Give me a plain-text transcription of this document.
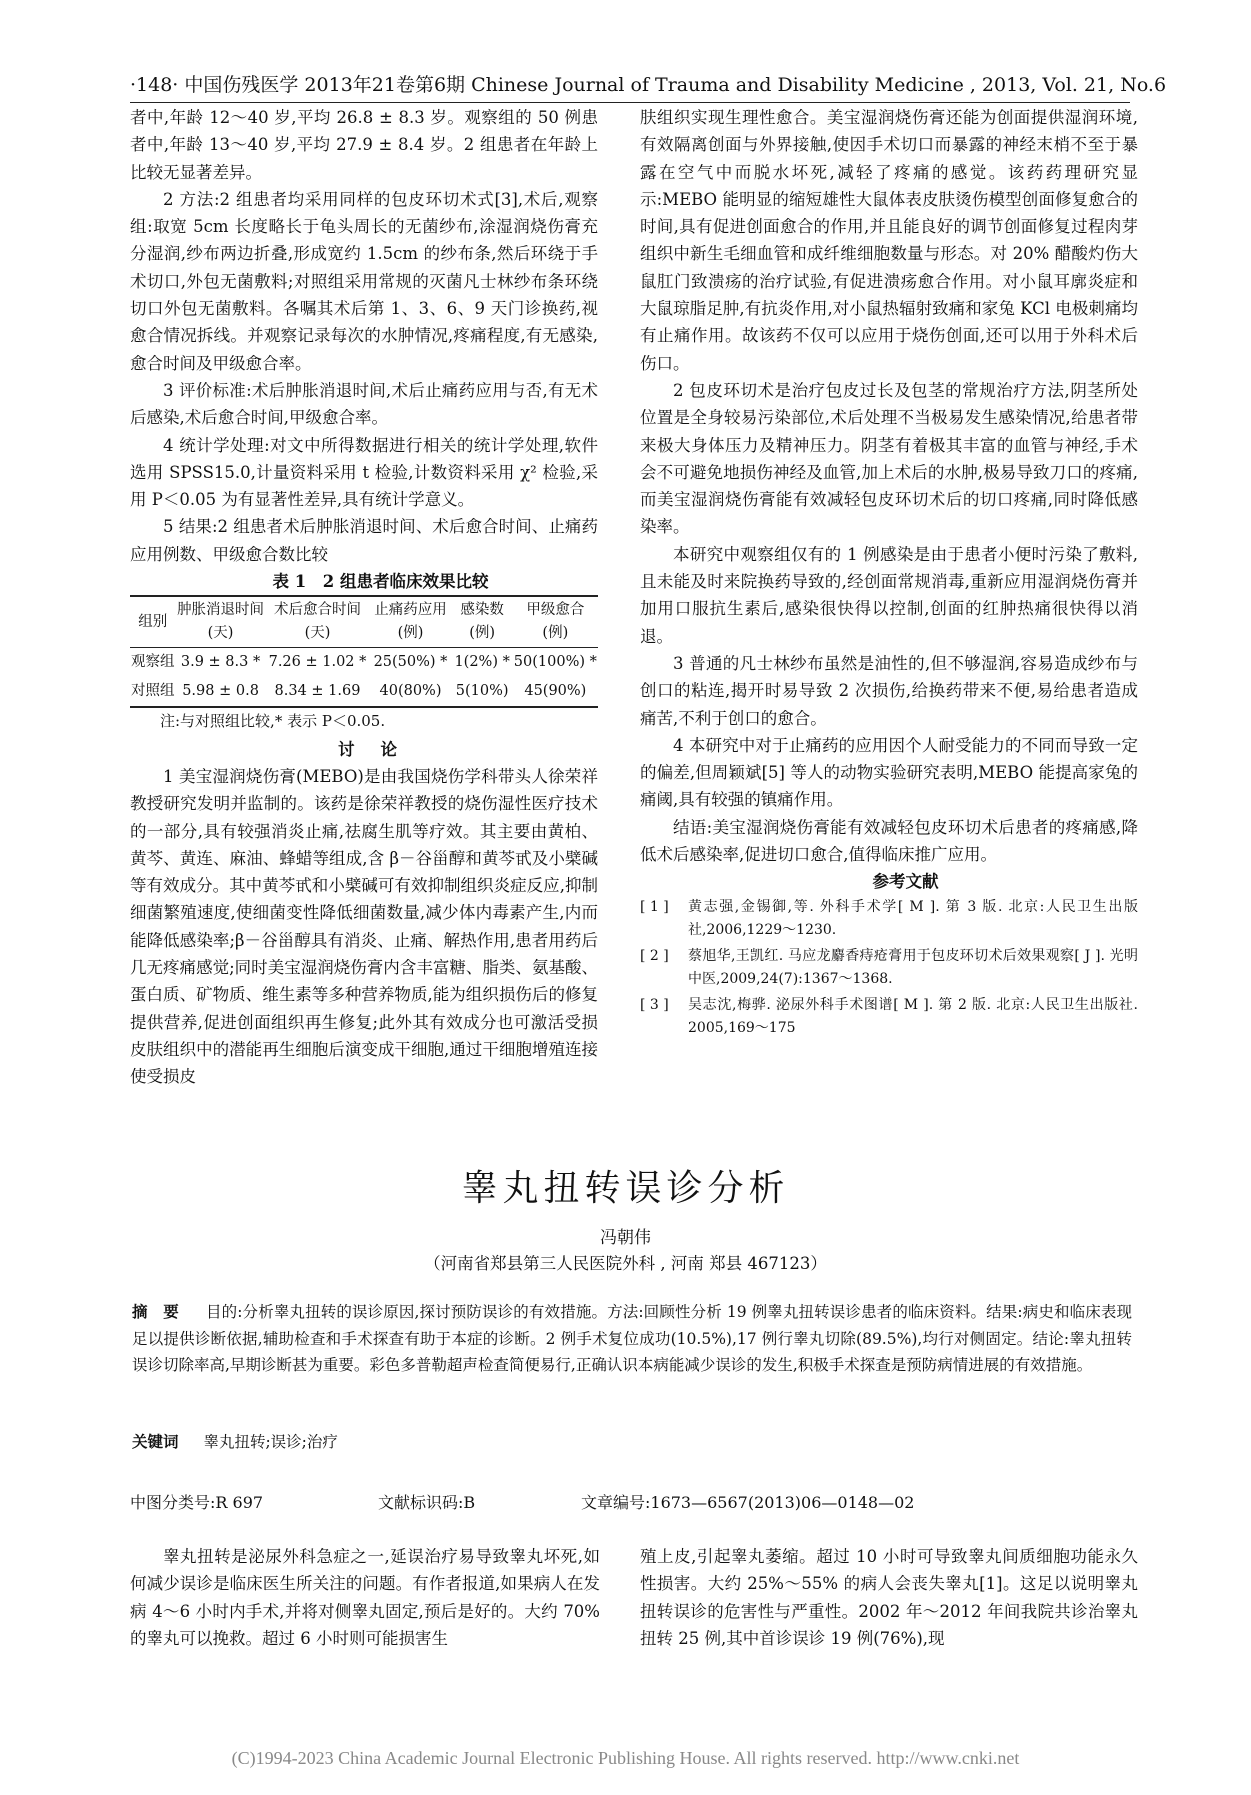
·148· 中国伤残医学 2013年21卷第6期 Chinese Journal of Trauma and Disability Medicine , 2013, Vol. 21, No.6

者中,年龄 12～40 岁,平均 26.8 ± 8.3 岁。观察组的 50 例患者中,年龄 13～40 岁,平均 27.9 ± 8.4 岁。2 组患者在年龄上比较无显著差异。

2 方法:2 组患者均采用同样的包皮环切术式[3],术后,观察组:取宽 5cm 长度略长于龟头周长的无菌纱布,涂湿润烧伤膏充分湿润,纱布两边折叠,形成宽约 1.5cm 的纱布条,然后环绕于手术切口,外包无菌敷料;对照组采用常规的灭菌凡士林纱布条环绕切口外包无菌敷料。各嘱其术后第 1、3、6、9 天门诊换药,视愈合情况拆线。并观察记录每次的水肿情况,疼痛程度,有无感染,愈合时间及甲级愈合率。

3 评价标准:术后肿胀消退时间,术后止痛药应用与否,有无术后感染,术后愈合时间,甲级愈合率。

4 统计学处理:对文中所得数据进行相关的统计学处理,软件选用 SPSS15.0,计量资料采用 t 检验,计数资料采用 χ² 检验,采用 P＜0.05 为有显著性差异,具有统计学意义。

5 结果:2 组患者术后肿胀消退时间、术后愈合时间、止痛药应用例数、甲级愈合数比较

表 1　2 组患者临床效果比较

组别	肿胀消退时间(天)	术后愈合时间(天)	止痛药应用(例)	感染数(例)	甲级愈合(例)
观察组	3.9 ± 8.3 *	7.26 ± 1.02 *	25(50%) *	1(2%) *	50(100%) *
对照组	5.98 ± 0.8	8.34 ± 1.69	40(80%)	5(10%)	45(90%)

注:与对照组比较,* 表示 P＜0.05.

讨论

1 美宝湿润烧伤膏(MEBO)是由我国烧伤学科带头人徐荣祥教授研究发明并监制的。该药是徐荣祥教授的烧伤湿性医疗技术的一部分,具有较强消炎止痛,祛腐生肌等疗效。其主要由黄柏、黄芩、黄连、麻油、蜂蜡等组成,含 β－谷甾醇和黄芩甙及小檗碱等有效成分。其中黄芩甙和小檗碱可有效抑制组织炎症反应,抑制细菌繁殖速度,使细菌变性降低细菌数量,减少体内毒素产生,内而能降低感染率;β－谷甾醇具有消炎、止痛、解热作用,患者用药后几无疼痛感觉;同时美宝湿润烧伤膏内含丰富糖、脂类、氨基酸、蛋白质、矿物质、维生素等多种营养物质,能为组织损伤后的修复提供营养,促进创面组织再生修复;此外其有效成分也可激活受损皮肤组织中的潜能再生细胞后演变成干细胞,通过干细胞增殖连接使受损皮

肤组织实现生理性愈合。美宝湿润烧伤膏还能为创面提供湿润环境,有效隔离创面与外界接触,使因手术切口而暴露的神经末梢不至于暴露在空气中而脱水坏死,减轻了疼痛的感觉。该药药理研究显示:MEBO 能明显的缩短雄性大鼠体表皮肤烫伤模型创面修复愈合的时间,具有促进创面愈合的作用,并且能良好的调节创面修复过程肉芽组织中新生毛细血管和成纤维细胞数量与形态。对 20% 醋酸灼伤大鼠肛门致溃疡的治疗试验,有促进溃疡愈合作用。对小鼠耳廓炎症和大鼠琼脂足肿,有抗炎作用,对小鼠热辐射致痛和家兔 KCl 电极刺痛均有止痛作用。故该药不仅可以应用于烧伤创面,还可以用于外科术后伤口。

2 包皮环切术是治疗包皮过长及包茎的常规治疗方法,阴茎所处位置是全身较易污染部位,术后处理不当极易发生感染情况,给患者带来极大身体压力及精神压力。阴茎有着极其丰富的血管与神经,手术会不可避免地损伤神经及血管,加上术后的水肿,极易导致刀口的疼痛,而美宝湿润烧伤膏能有效减轻包皮环切术后的切口疼痛,同时降低感染率。

本研究中观察组仅有的 1 例感染是由于患者小便时污染了敷料,且未能及时来院换药导致的,经创面常规消毒,重新应用湿润烧伤膏并加用口服抗生素后,感染很快得以控制,创面的红肿热痛很快得以消退。

3 普通的凡士林纱布虽然是油性的,但不够湿润,容易造成纱布与创口的粘连,揭开时易导致 2 次损伤,给换药带来不便,易给患者造成痛苦,不利于创口的愈合。

4 本研究中对于止痛药的应用因个人耐受能力的不同而导致一定的偏差,但周颖斌[5] 等人的动物实验研究表明,MEBO 能提高家兔的痛阈,具有较强的镇痛作用。

结语:美宝湿润烧伤膏能有效减轻包皮环切术后患者的疼痛感,降低术后感染率,促进切口愈合,值得临床推广应用。

参考文献

[ 1 ]	黄志强,金锡御,等. 外科手术学[ M ]. 第 3 版. 北京:人民卫生出版社,2006,1229～1230.
[ 2 ]	蔡旭华,王凯红. 马应龙麝香痔疮膏用于包皮环切术后效果观察[ J ]. 光明中医,2009,24(7):1367～1368.
[ 3 ]	吴志沈,梅骅. 泌尿外科手术图谱[ M ]. 第 2 版. 北京:人民卫生出版社. 2005,169～175
睾丸扭转误诊分析
冯朝伟
（河南省郑县第三人民医院外科 , 河南 郑县 467123）
摘　要 目的:分析睾丸扭转的误诊原因,探讨预防误诊的有效措施。方法:回顾性分析 19 例睾丸扭转误诊患者的临床资料。结果:病史和临床表现足以提供诊断依据,辅助检查和手术探查有助于本症的诊断。2 例手术复位成功(10.5%),17 例行睾丸切除(89.5%),均行对侧固定。结论:睾丸扭转误诊切除率高,早期诊断甚为重要。彩色多普勒超声检查简便易行,正确认识本病能减少误诊的发生,积极手术探查是预防病情进展的有效措施。
关键词 睾丸扭转;误诊;治疗
中图分类号:R 697	文献标识码:B	文章编号:1673—6567(2013)06—0148—02
睾丸扭转是泌尿外科急症之一,延误治疗易导致睾丸坏死,如何减少误诊是临床医生所关注的问题。有作者报道,如果病人在发病 4～6 小时内手术,并将对侧睾丸固定,预后是好的。大约 70% 的睾丸可以挽救。超过 6 小时则可能损害生
殖上皮,引起睾丸萎缩。超过 10 小时可导致睾丸间质细胞功能永久性损害。大约 25%～55% 的病人会丧失睾丸[1]。这足以说明睾丸扭转误诊的危害性与严重性。2002 年～2012 年间我院共诊治睾丸扭转 25 例,其中首诊误诊 19 例(76%),现
(C)1994-2023 China Academic Journal Electronic Publishing House. All rights reserved. http://www.cnki.net
